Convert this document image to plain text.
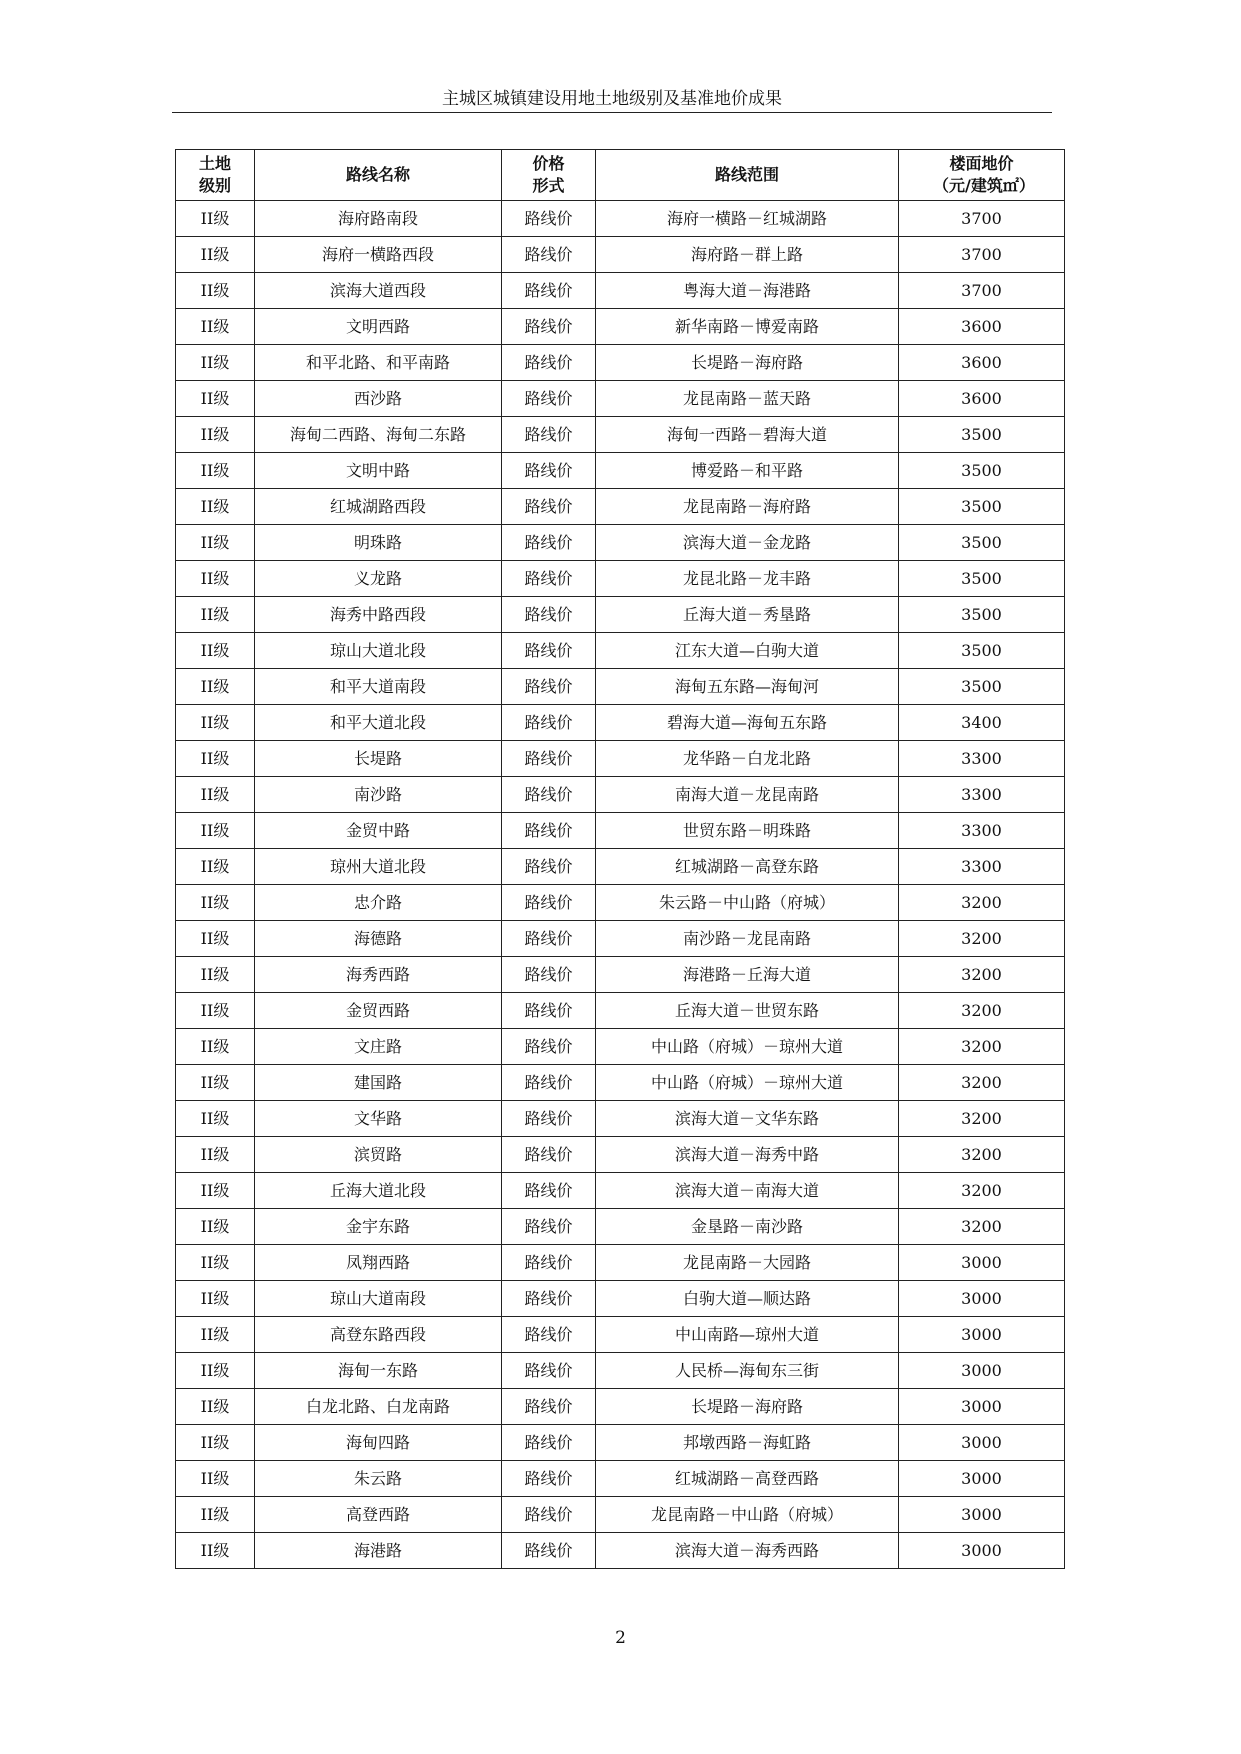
主城区城镇建设用地土地级别及基准地价成果
土地级别	路线名称	价格形式	路线范围	楼面地价（元/建筑㎡）
II级	海府路南段	路线价	海府一横路－红城湖路	3700
II级	海府一横路西段	路线价	海府路－群上路	3700
II级	滨海大道西段	路线价	粤海大道－海港路	3700
II级	文明西路	路线价	新华南路－博爱南路	3600
II级	和平北路、和平南路	路线价	长堤路－海府路	3600
II级	西沙路	路线价	龙昆南路－蓝天路	3600
II级	海甸二西路、海甸二东路	路线价	海甸一西路－碧海大道	3500
II级	文明中路	路线价	博爱路－和平路	3500
II级	红城湖路西段	路线价	龙昆南路－海府路	3500
II级	明珠路	路线价	滨海大道－金龙路	3500
II级	义龙路	路线价	龙昆北路－龙丰路	3500
II级	海秀中路西段	路线价	丘海大道－秀垦路	3500
II级	琼山大道北段	路线价	江东大道—白驹大道	3500
II级	和平大道南段	路线价	海甸五东路—海甸河	3500
II级	和平大道北段	路线价	碧海大道—海甸五东路	3400
II级	长堤路	路线价	龙华路－白龙北路	3300
II级	南沙路	路线价	南海大道－龙昆南路	3300
II级	金贸中路	路线价	世贸东路－明珠路	3300
II级	琼州大道北段	路线价	红城湖路－高登东路	3300
II级	忠介路	路线价	朱云路－中山路（府城）	3200
II级	海德路	路线价	南沙路－龙昆南路	3200
II级	海秀西路	路线价	海港路－丘海大道	3200
II级	金贸西路	路线价	丘海大道－世贸东路	3200
II级	文庄路	路线价	中山路（府城）－琼州大道	3200
II级	建国路	路线价	中山路（府城）－琼州大道	3200
II级	文华路	路线价	滨海大道－文华东路	3200
II级	滨贸路	路线价	滨海大道－海秀中路	3200
II级	丘海大道北段	路线价	滨海大道－南海大道	3200
II级	金宇东路	路线价	金垦路－南沙路	3200
II级	凤翔西路	路线价	龙昆南路－大园路	3000
II级	琼山大道南段	路线价	白驹大道—顺达路	3000
II级	高登东路西段	路线价	中山南路—琼州大道	3000
II级	海甸一东路	路线价	人民桥—海甸东三街	3000
II级	白龙北路、白龙南路	路线价	长堤路－海府路	3000
II级	海甸四路	路线价	邦墩西路－海虹路	3000
II级	朱云路	路线价	红城湖路－高登西路	3000
II级	高登西路	路线价	龙昆南路－中山路（府城）	3000
II级	海港路	路线价	滨海大道－海秀西路	3000
2
